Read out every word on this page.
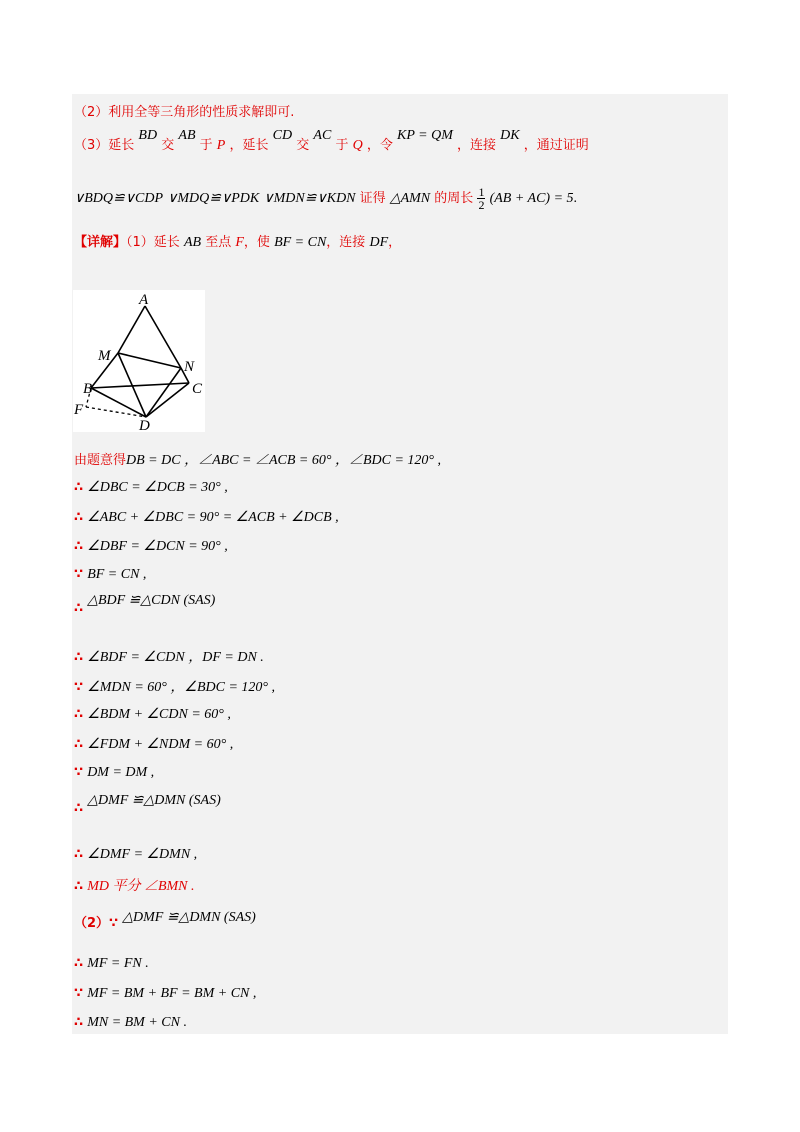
（2）利用全等三角形的性质求解即可.
（3）延长 BD 交 AB 于 P ，延长 CD 交 AC 于 Q ，令 KP = QM ，连接 DK ，通过证明
∨BDQ≌∨CDP ∨MDQ≌∨PDK ∨MDN≌∨KDN 证得 △AMN 的周长 $\frac{1}{2} (AB + AC) = 5$.
【详解】（1）延长 AB 至点 F，使 BF = CN，连接 DF，
A
M
N
B	C
F
D
由题意得DB = DC ，∠ABC = ∠ACB = 60° ，∠BDC = 120° ,
∴ ∠DBC = ∠DCB = 30° ,
∴ ∠ABC + ∠DBC = 90° = ∠ACB + ∠DCB ,
∴ ∠DBF = ∠DCN = 90° ,
∵ BF = CN ,
∴ △BDF ≌△CDN (SAS)
∴ ∠BDF = ∠CDN ，DF = DN .
∵ ∠MDN = 60° ，∠BDC = 120° ,
∴ ∠BDM + ∠CDN = 60° ,
∴ ∠FDM + ∠NDM = 60° ,
∵ DM = DM ,
∴ △DMF ≌△DMN (SAS)
∴ ∠DMF = ∠DMN ,
∴ MD 平分 ∠BMN .
（2）∵ △DMF ≌△DMN (SAS)
∴ MF = FN .
∵ MF = BM + BF = BM + CN ,
∴ MN = BM + CN .
